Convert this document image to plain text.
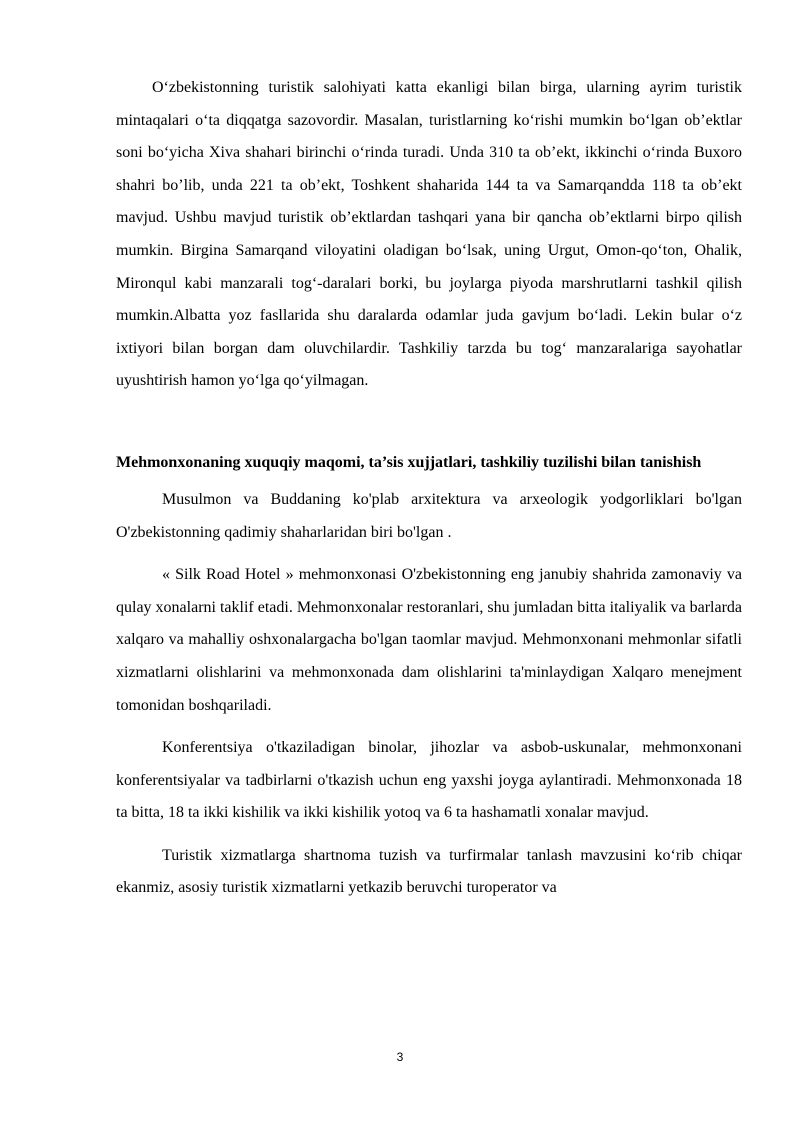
O‘zbekistonning turistik salohiyati katta ekanligi bilan birga, ularning ayrim turistik mintaqalari o‘ta diqqatga sazovordir. Masalan, turistlarning ko‘rishi mumkin bo‘lgan ob’ektlar soni bo‘yicha Xiva shahari birinchi o‘rinda turadi. Unda 310 ta ob’ekt, ikkinchi o‘rinda Buxoro shahri bo’lib, unda 221 ta ob’ekt, Toshkent shaharida 144 ta va Samarqandda 118 ta ob’ekt mavjud. Ushbu mavjud turistik ob’ektlardan tashqari yana bir qancha ob’ektlarni birpo qilish mumkin. Birgina Samarqand viloyatini oladigan bo‘lsak, uning Urgut, Omon-qo‘ton, Ohalik, Mironqul kabi manzarali tog‘-daralari borki, bu joylarga piyoda marshrutlarni tashkil qilish mumkin.Albatta yoz fasllarida shu daralarda odamlar juda gavjum bo‘ladi. Lekin bular o‘z ixtiyori bilan borgan dam oluvchilardir. Tashkiliy tarzda bu tog‘ manzaralariga sayohatlar uyushtirish hamon yo‘lga qo‘yilmagan.

Mehmonxonaning xuquqiy maqomi, ta’sis xujjatlari, tashkiliy tuzilishi bilan tanishish

Musulmon va Buddaning ko'plab arxitektura va arxeologik yodgorliklari bo'lgan O'zbekistonning qadimiy shaharlaridan biri bo'lgan .

« Silk Road Hotel » mehmonxonasi O'zbekistonning eng janubiy shahrida zamonaviy va qulay xonalarni taklif etadi. Mehmonxonalar restoranlari, shu jumladan bitta italiyalik va barlarda xalqaro va mahalliy oshxonalargacha bo'lgan taomlar mavjud. Mehmonxonani mehmonlar sifatli xizmatlarni olishlarini va mehmonxonada dam olishlarini ta'minlaydigan Xalqaro menejment tomonidan boshqariladi.

Konferentsiya o'tkaziladigan binolar, jihozlar va asbob-uskunalar, mehmonxonani konferentsiyalar va tadbirlarni o'tkazish uchun eng yaxshi joyga aylantiradi. Mehmonxonada 18 ta bitta, 18 ta ikki kishilik va ikki kishilik yotoq va 6 ta hashamatli xonalar mavjud.

Turistik xizmatlarga shartnoma tuzish va turfirmalar tanlash mavzusini ko‘rib chiqar ekanmiz, asosiy turistik xizmatlarni yetkazib beruvchi turoperator va

3
